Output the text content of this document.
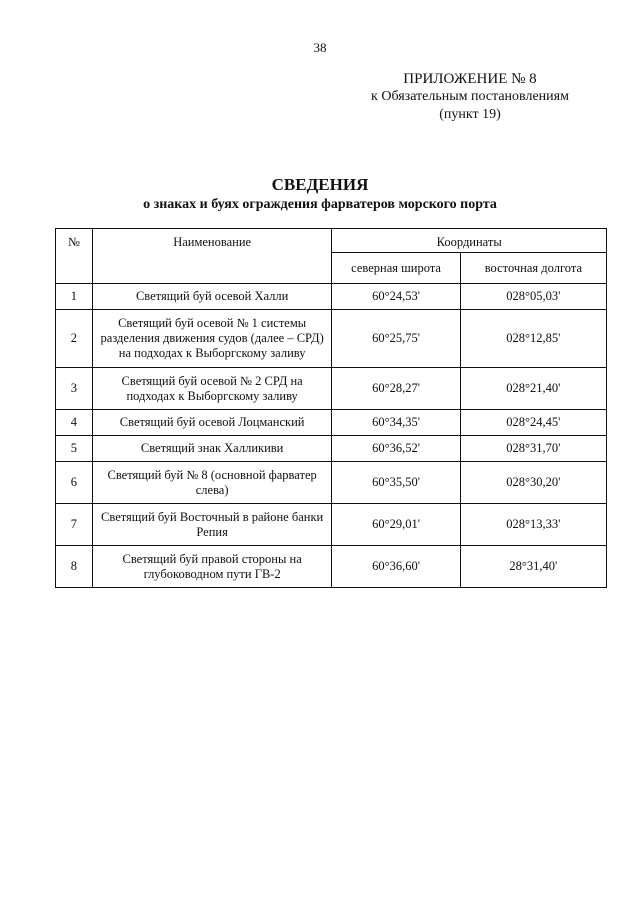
38
ПРИЛОЖЕНИЕ № 8
к Обязательным постановлениям
(пункт 19)
СВЕДЕНИЯ
о знаках и буях ограждения фарватеров морского порта
№	Наименование	Координаты	
		северная широта	восточная долгота
1	Светящий буй осевой Халли	60°24,53'	028°05,03'
2	Светящий буй осевой № 1 системы разделения движения судов (далее – СРД) на подходах к Выборгскому заливу	60°25,75'	028°12,85'
3	Светящий буй осевой № 2 СРД на подходах к Выборгскому заливу	60°28,27'	028°21,40'
4	Светящий буй осевой Лоцманский	60°34,35'	028°24,45'
5	Светящий знак Халликиви	60°36,52'	028°31,70'
6	Светящий буй № 8 (основной фарватер слева)	60°35,50'	028°30,20'
7	Светящий буй Восточный в районе банки Репия	60°29,01'	028°13,33'
8	Светящий буй правой стороны на глубоководном пути ГВ-2	60°36,60'	28°31,40'
